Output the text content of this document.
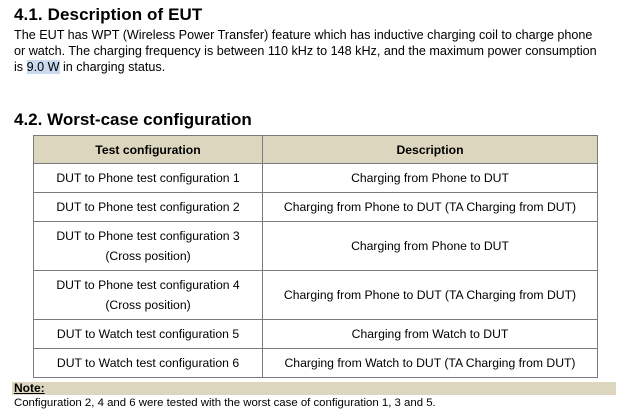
4.1. Description of EUT
The EUT has WPT (Wireless Power Transfer) feature which has inductive charging coil to charge phone
or watch. The charging frequency is between 110 kHz to 148 kHz, and the maximum power consumption
is 9.0 W in charging status.
4.2. Worst-case configuration
Test configuration	Description
DUT to Phone test configuration 1	Charging from Phone to DUT
DUT to Phone test configuration 2	Charging from Phone to DUT (TA Charging from DUT)
DUT to Phone test configuration 3
(Cross position)	Charging from Phone to DUT
DUT to Phone test configuration 4
(Cross position)	Charging from Phone to DUT (TA Charging from DUT)
DUT to Watch test configuration 5	Charging from Watch to DUT
DUT to Watch test configuration 6	Charging from Watch to DUT (TA Charging from DUT)
Note:
Configuration 2, 4 and 6 were tested with the worst case of configuration 1, 3 and 5.
